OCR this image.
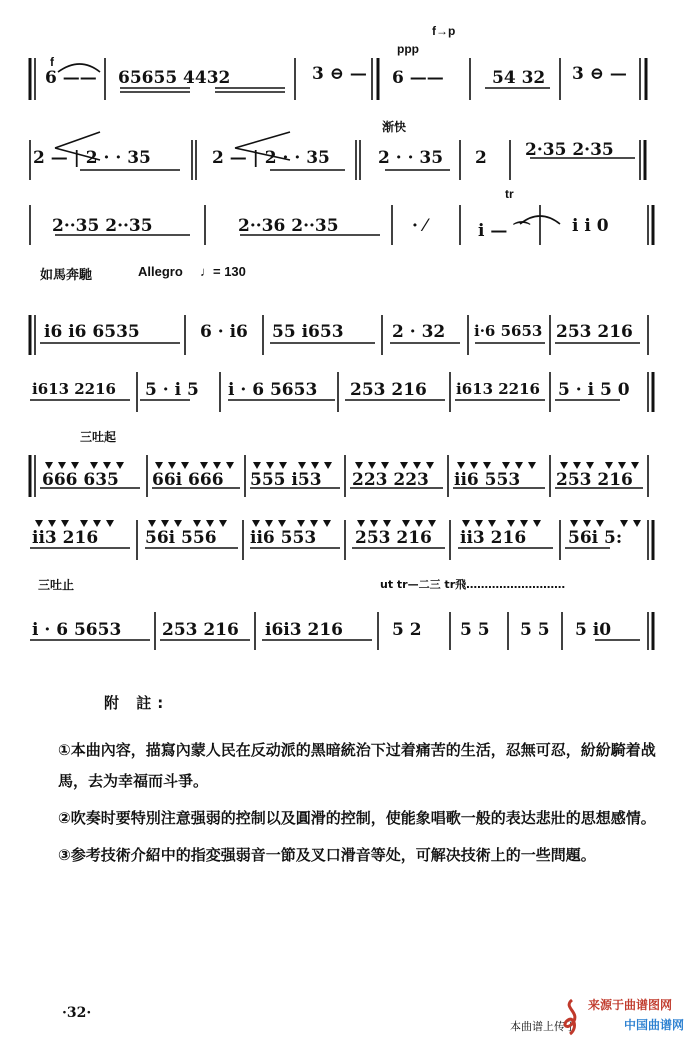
f
f→p
ppp
6 —— 65655 4432	3 ⊖ — 6 ——	54 32 3 ⊖ —
渐快
2 — | 2 · · 35	2 — | 2 · · 35	2 · · 35 2 2·35 2·35
tr
2··35 2··35	2··36 2··35	· ⁄	i — ⌒ i i 0
如馬奔馳	Allegro ♩= 130
i6 i6 6535	6 · i6 55 i653	2 · 32 i·6 5653 253 216
i613 2216 5 · i 5 i · 6 5653 253 216 i613 2216 5 · i 5 0
三吐起
666 635 66i 666 555 i53 223 223 ii6 553 253 216
ii3 216	56i 556 ii6 553 253 216 ii3 216 56i 5:
三吐止	ut tr—二三 tr飛………………………
i · 6 5653 253 216 i6i3 216	5 2 5 5 5 5 5 i0
附 註:

①本曲內容，描寫內蒙人民在反动派的黑暗統治下过着痛苦的生活，忍無可忍，紛紛騎着战馬，去为幸福而斗爭。

②吹奏时要特別注意强弱的控制以及圓滑的控制，使能象唱歌一般的表达悲壯的思想感情。

③参考技術介紹中的指変强弱音一節及叉口滑音等处，可解决技術上的一些問題。

·32·
本曲谱上传于
来源于曲谱图网
中国曲谱网
